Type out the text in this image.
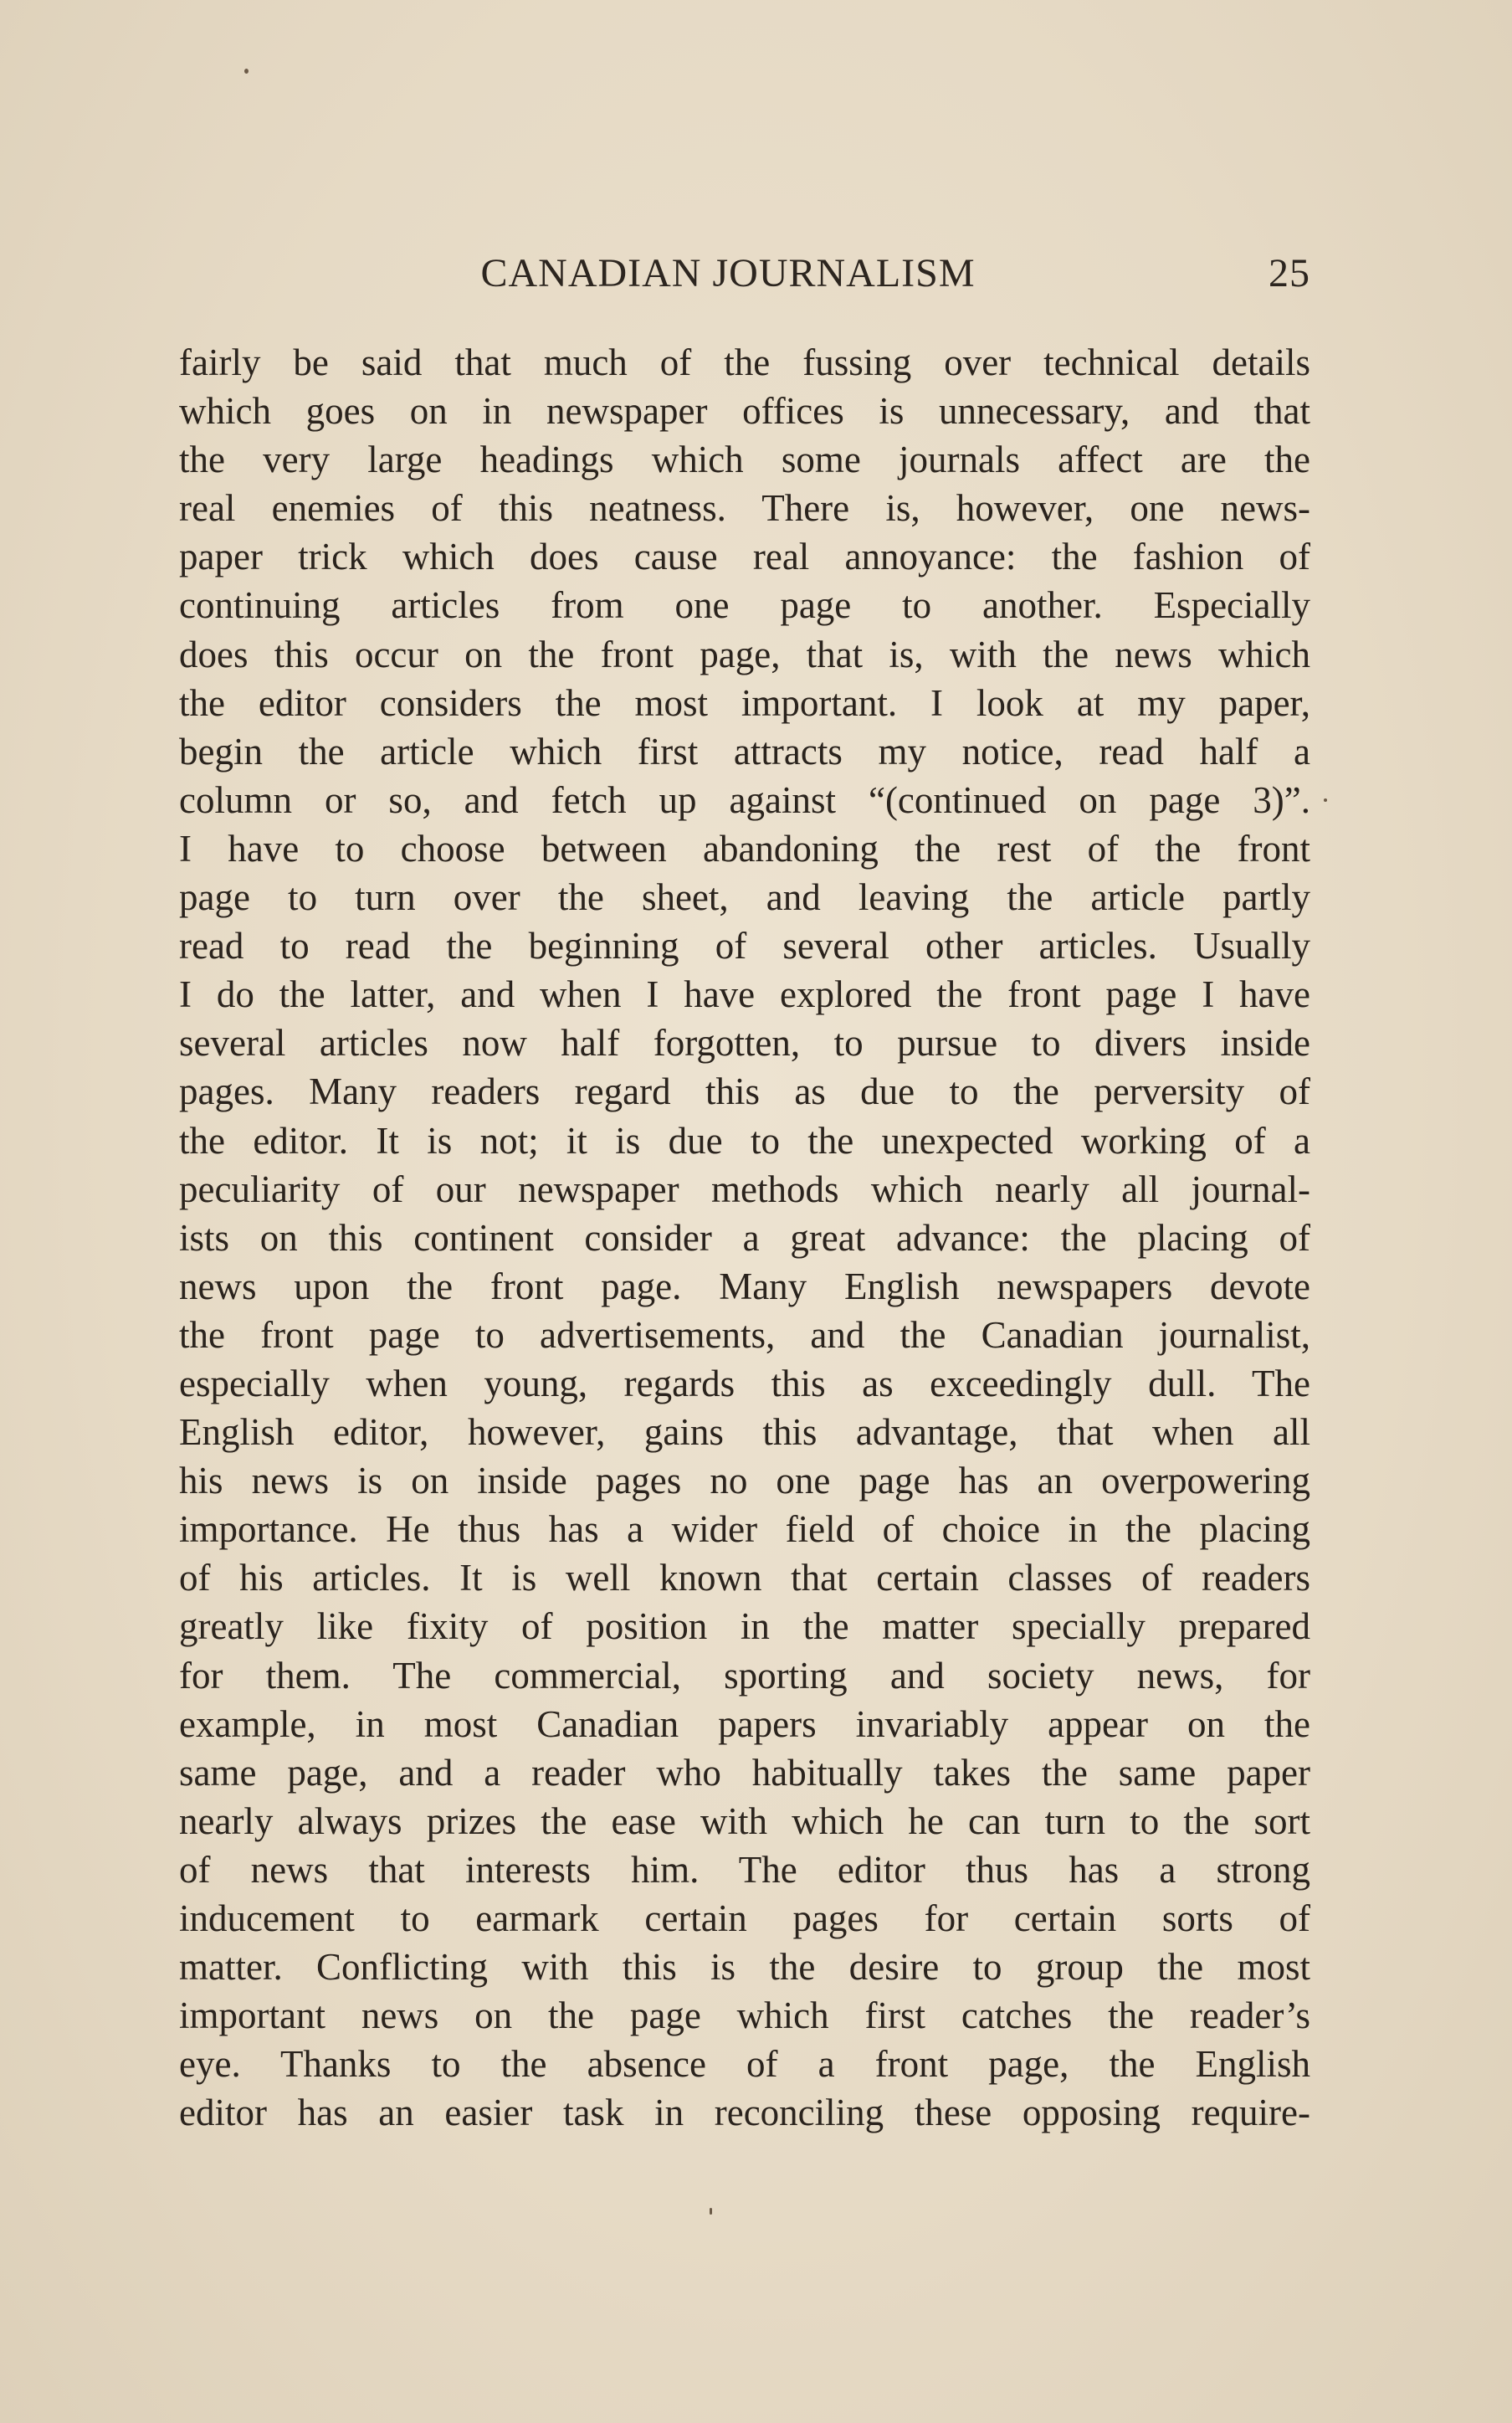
CANADIAN JOURNALISM	25
fairly be said that much of the fussing over technical details
which goes on in newspaper offices is unnecessary, and that
the very large headings which some journals affect are the
real enemies of this neatness. There is, however, one news-
paper trick which does cause real annoyance: the fashion of
continuing articles from one page to another. Especially
does this occur on the front page, that is, with the news which
the editor considers the most important. I look at my paper,
begin the article which first attracts my notice, read half a
column or so, and fetch up against “(continued on page 3)”.
I have to choose between abandoning the rest of the front
page to turn over the sheet, and leaving the article partly
read to read the beginning of several other articles. Usually
I do the latter, and when I have explored the front page I have
several articles now half forgotten, to pursue to divers inside
pages. Many readers regard this as due to the perversity of
the editor. It is not; it is due to the unexpected working of a
peculiarity of our newspaper methods which nearly all journal-
ists on this continent consider a great advance: the placing of
news upon the front page. Many English newspapers devote
the front page to advertisements, and the Canadian journalist,
especially when young, regards this as exceedingly dull. The
English editor, however, gains this advantage, that when all
his news is on inside pages no one page has an overpowering
importance. He thus has a wider field of choice in the placing
of his articles. It is well known that certain classes of readers
greatly like fixity of position in the matter specially prepared
for them. The commercial, sporting and society news, for
example, in most Canadian papers invariably appear on the
same page, and a reader who habitually takes the same paper
nearly always prizes the ease with which he can turn to the sort
of news that interests him. The editor thus has a strong
inducement to earmark certain pages for certain sorts of
matter. Conflicting with this is the desire to group the most
important news on the page which first catches the reader’s
eye. Thanks to the absence of a front page, the English
editor has an easier task in reconciling these opposing require-
